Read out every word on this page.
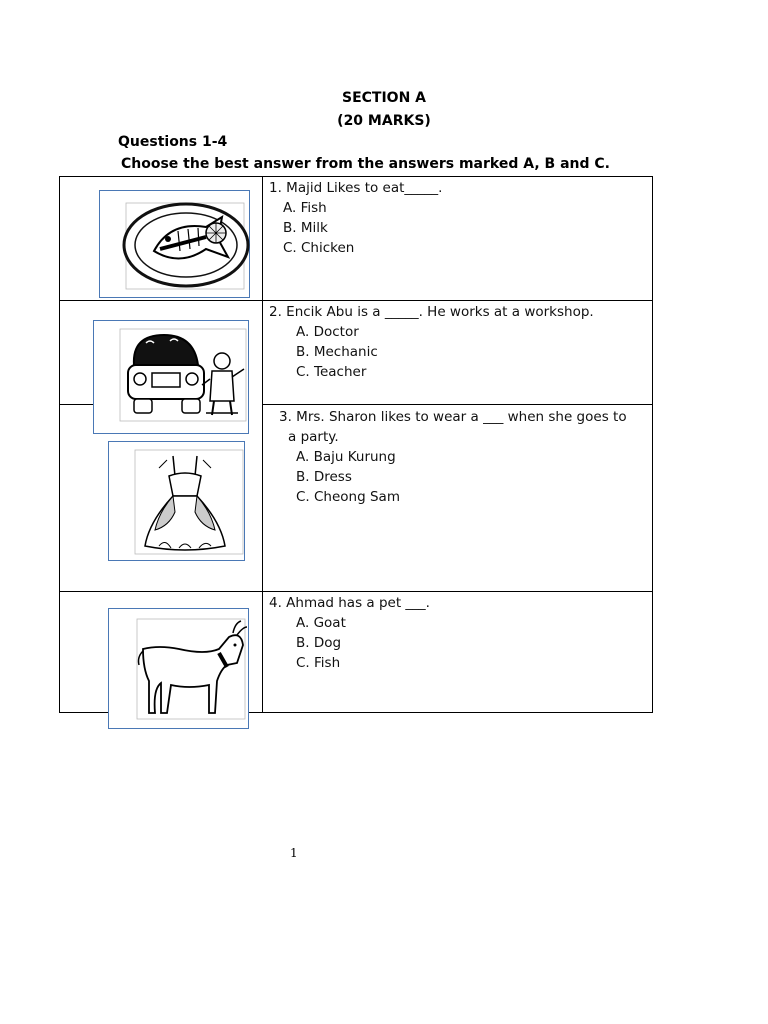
SECTION A
(20 MARKS)
Questions 1-4
Choose the best answer from the answers marked A, B and C.
1. Majid Likes to eat_____.
A. Fish
B. Milk
C. Chicken
2. Encik Abu is a _____. He works at a workshop.
A. Doctor
B. Mechanic
C. Teacher
3. Mrs. Sharon likes to wear a ___ when she goes to
a party.
A. Baju Kurung
B. Dress
C. Cheong Sam
4. Ahmad has a pet ___.
A. Goat
B. Dog
C. Fish
1
